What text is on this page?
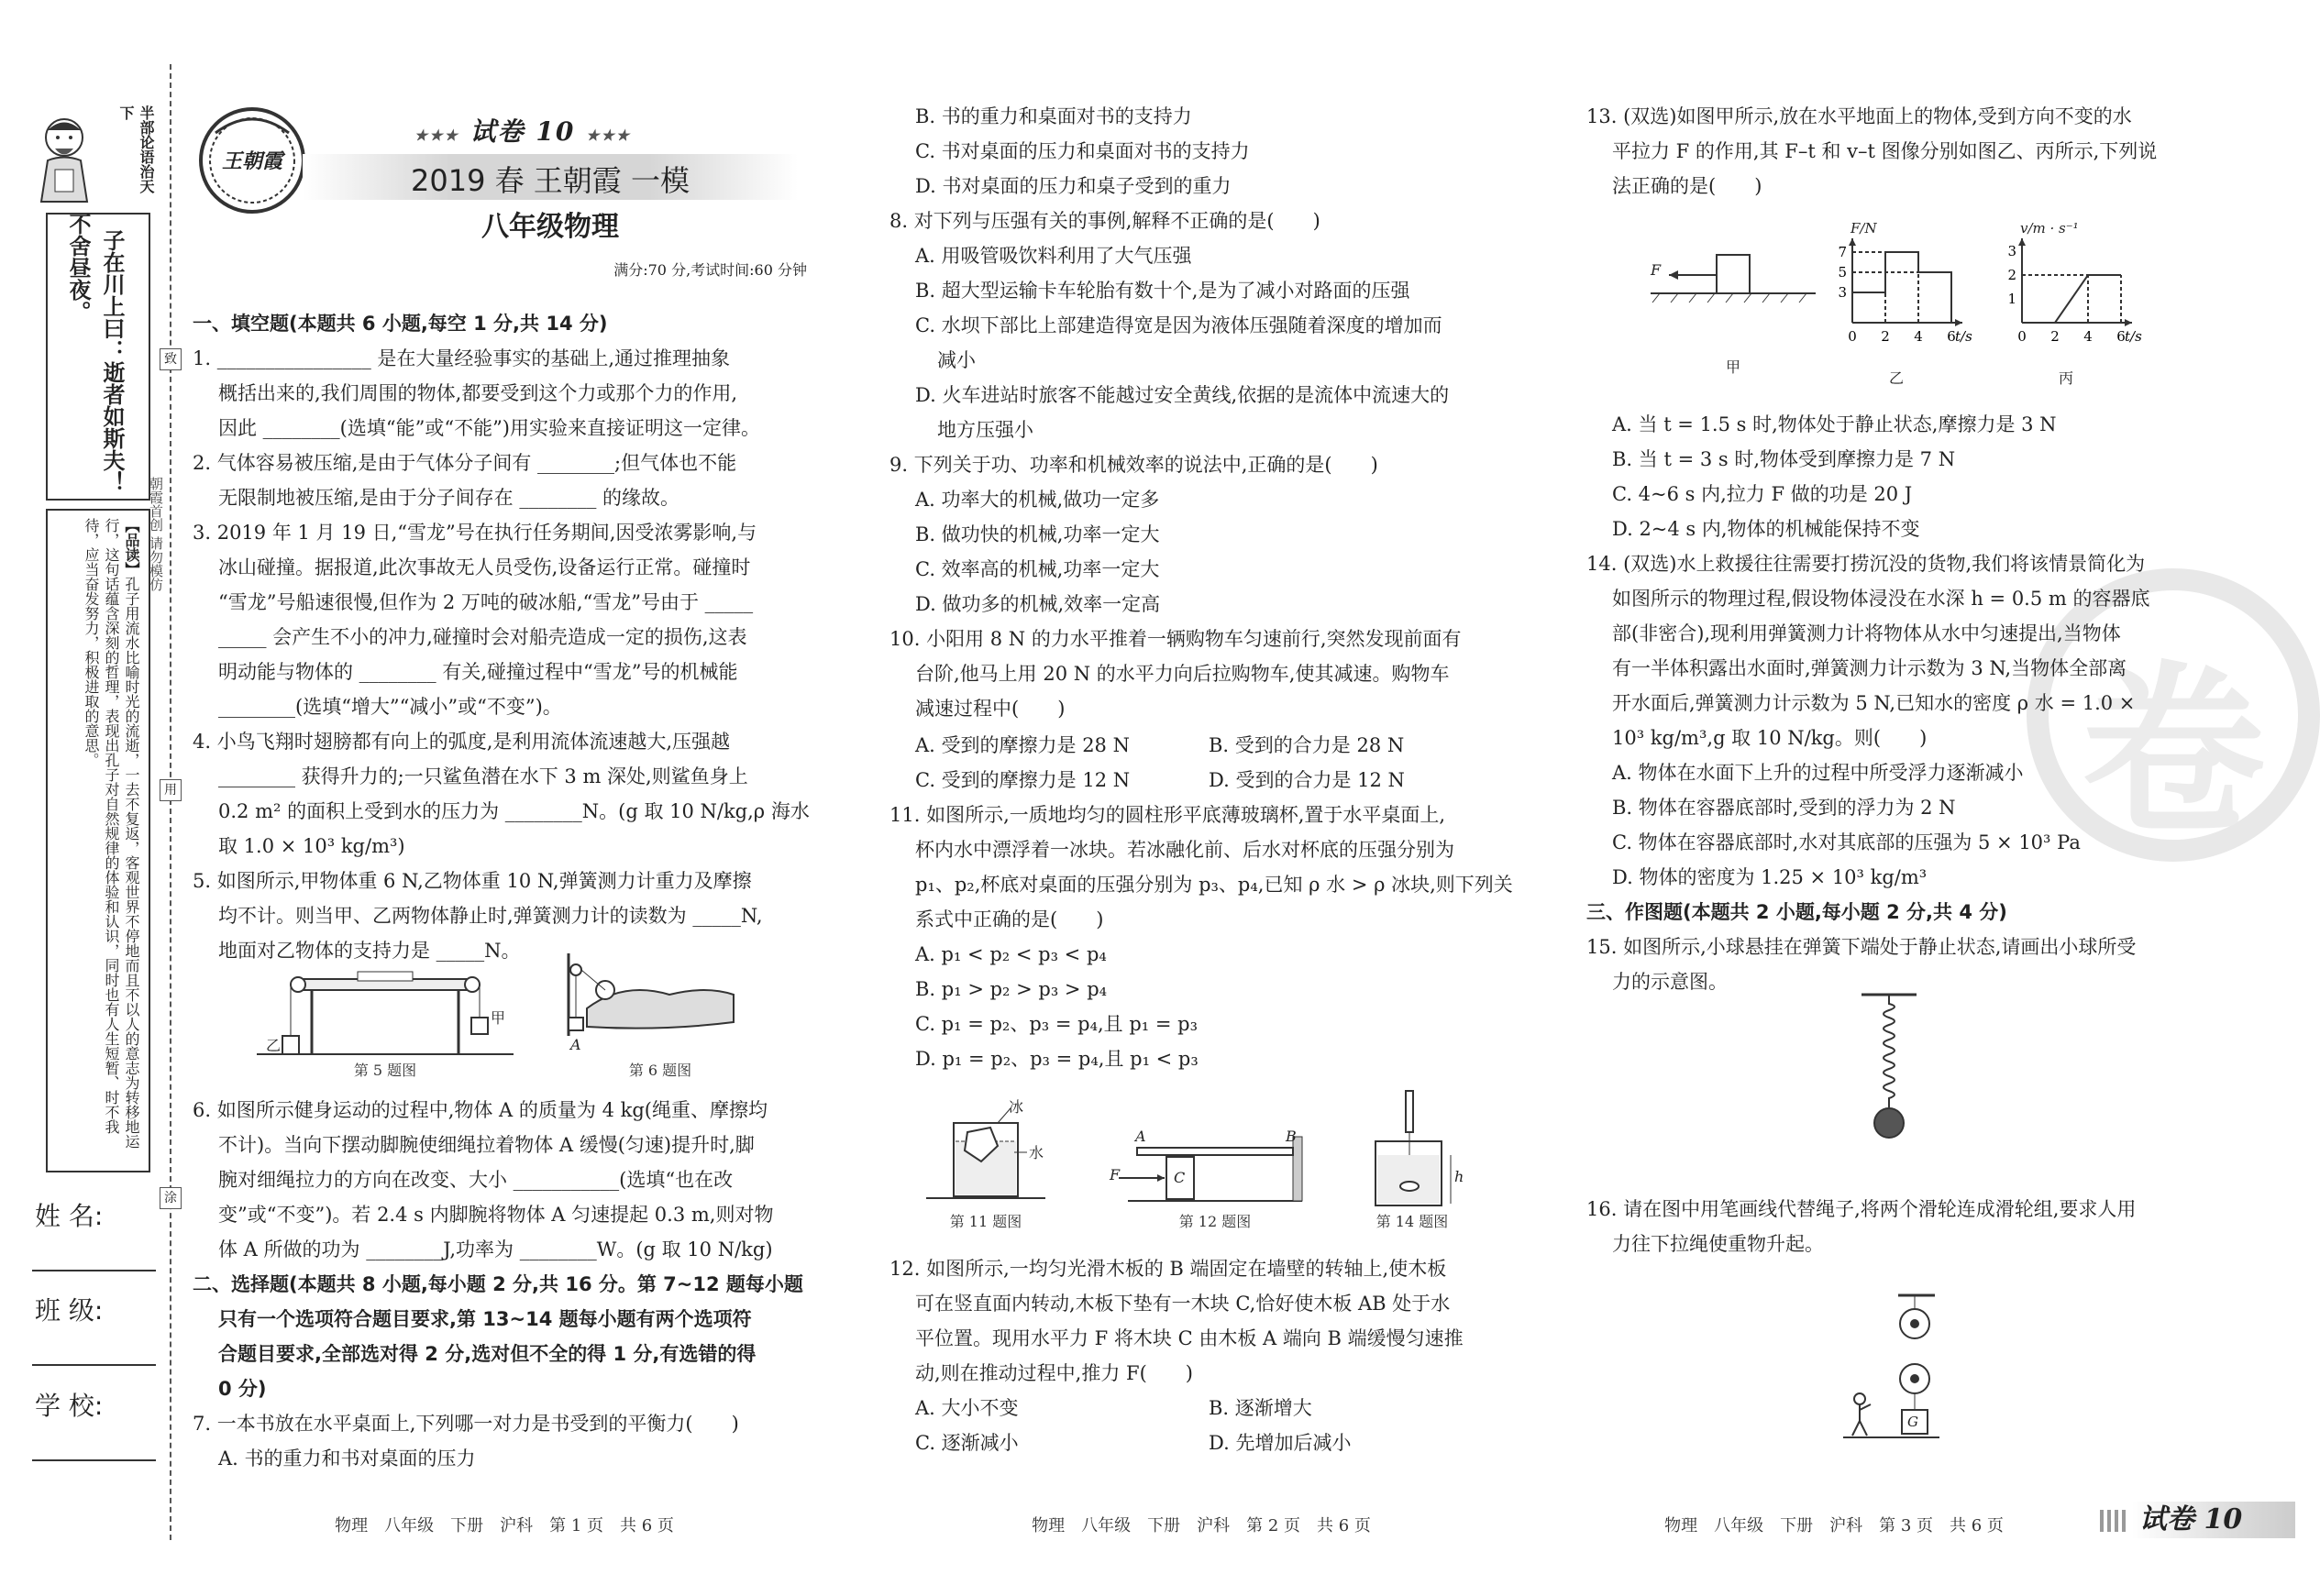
半部论语治天下
子在川上曰：逝者如斯夫！
不舍昼夜。
【品读】孔子用流水比喻时光的流逝，一去不复返，客观世界不停地而且不以人的意志为转移地运行，这句话蕴含深刻的哲理，表现出孔子对自然规律的体验和认识，同时也有人生短暂、时不我待，应当奋发努力，积极进取的意思。
姓 名:
班 级:
学 校:
朝霞首创 请勿模仿
致
用
涂
王朝霞
★★★ 试卷 10 ★★★
2019 春 王朝霞 一模
八年级物理
满分:70 分,考试时间:60 分钟
一、填空题(本题共 6 小题,每空 1 分,共 14 分)
1. ________________ 是在大量经验事实的基础上,通过推理抽象
概括出来的,我们周围的物体,都要受到这个力或那个力的作用,
因此 ________(选填“能”或“不能”)用实验来直接证明这一定律。
2. 气体容易被压缩,是由于气体分子间有 ________;但气体也不能
无限制地被压缩,是由于分子间存在 ________ 的缘故。
3. 2019 年 1 月 19 日,“雪龙”号在执行任务期间,因受浓雾影响,与
冰山碰撞。据报道,此次事故无人员受伤,设备运行正常。碰撞时
“雪龙”号船速很慢,但作为 2 万吨的破冰船,“雪龙”号由于 _____
_____ 会产生不小的冲力,碰撞时会对船壳造成一定的损伤,这表
明动能与物体的 ________ 有关,碰撞过程中“雪龙”号的机械能
________(选填“增大”“减小”或“不变”)。
4. 小鸟飞翔时翅膀都有向上的弧度,是利用流体流速越大,压强越
________ 获得升力的;一只鲨鱼潜在水下 3 m 深处,则鲨鱼身上
0.2 m² 的面积上受到水的压力为 ________N。(g 取 10 N/kg,ρ 海水
取 1.0 × 10³ kg/m³)
5. 如图所示,甲物体重 6 N,乙物体重 10 N,弹簧测力计重力及摩擦
均不计。则当甲、乙两物体静止时,弹簧测力计的读数为 _____N,
地面对乙物体的支持力是 _____N。
乙
甲
第 5 题图
A
第 6 题图
6. 如图所示健身运动的过程中,物体 A 的质量为 4 kg(绳重、摩擦均
不计)。当向下摆动脚腕使细绳拉着物体 A 缓慢(匀速)提升时,脚
腕对细绳拉力的方向在改变、大小 ___________(选填“也在改
变”或“不变”)。若 2.4 s 内脚腕将物体 A 匀速提起 0.3 m,则对物
体 A 所做的功为 ________J,功率为 ________W。(g 取 10 N/kg)
二、选择题(本题共 8 小题,每小题 2 分,共 16 分。第 7~12 题每小题
只有一个选项符合题目要求,第 13~14 题每小题有两个选项符
合题目要求,全部选对得 2 分,选对但不全的得 1 分,有选错的得
0 分)
7. 一本书放在水平桌面上,下列哪一对力是书受到的平衡力(　　)
A. 书的重力和书对桌面的压力
B. 书的重力和桌面对书的支持力
C. 书对桌面的压力和桌面对书的支持力
D. 书对桌面的压力和桌子受到的重力
8. 对下列与压强有关的事例,解释不正确的是(　　)
A. 用吸管吸饮料利用了大气压强
B. 超大型运输卡车轮胎有数十个,是为了减小对路面的压强
C. 水坝下部比上部建造得宽是因为液体压强随着深度的增加而
减小
D. 火车进站时旅客不能越过安全黄线,依据的是流体中流速大的
地方压强小
9. 下列关于功、功率和机械效率的说法中,正确的是(　　)
A. 功率大的机械,做功一定多
B. 做功快的机械,功率一定大
C. 效率高的机械,功率一定大
D. 做功多的机械,效率一定高
10. 小阳用 8 N 的力水平推着一辆购物车匀速前行,突然发现前面有
台阶,他马上用 20 N 的水平力向后拉购物车,使其减速。购物车
减速过程中(　　)
A. 受到的摩擦力是 28 N	B. 受到的合力是 28 N
C. 受到的摩擦力是 12 N	D. 受到的合力是 12 N
11. 如图所示,一质地均匀的圆柱形平底薄玻璃杯,置于水平桌面上,
杯内水中漂浮着一冰块。若冰融化前、后水对杯底的压强分别为
p₁、p₂,杯底对桌面的压强分别为 p₃、p₄,已知 ρ 水 > ρ 冰块,则下列关
系式中正确的是(　　)
A. p₁ < p₂ < p₃ < p₄
B. p₁ > p₂ > p₃ > p₄
C. p₁ = p₂、p₃ = p₄,且 p₁ = p₃
D. p₁ = p₂、p₃ = p₄,且 p₁ < p₃
冰
水
第 11 题图
A	B
F	C
第 12 题图
h
第 14 题图
12. 如图所示,一均匀光滑木板的 B 端固定在墙壁的转轴上,使木板
可在竖直面内转动,木板下垫有一木块 C,恰好使木板 AB 处于水
平位置。现用水平力 F 将木块 C 由木板 A 端向 B 端缓慢匀速推
动,则在推动过程中,推力 F(　　)
A. 大小不变	B. 逐渐增大
C. 逐渐减小	D. 先增加后减小
卷
13. (双选)如图甲所示,放在水平地面上的物体,受到方向不变的水
平拉力 F 的作用,其 F–t 和 v–t 图像分别如图乙、丙所示,下列说
法正确的是(　　)
F
甲
0 2 4 6 t/s
7
5
3
F/N
乙
0 2 4 6 t/s
3
2
1
v/m · s⁻¹
丙
A. 当 t = 1.5 s 时,物体处于静止状态,摩擦力是 3 N
B. 当 t = 3 s 时,物体受到摩擦力是 7 N
C. 4~6 s 内,拉力 F 做的功是 20 J
D. 2~4 s 内,物体的机械能保持不变
14. (双选)水上救援往往需要打捞沉没的货物,我们将该情景简化为
如图所示的物理过程,假设物体浸没在水深 h = 0.5 m 的容器底
部(非密合),现利用弹簧测力计将物体从水中匀速提出,当物体
有一半体积露出水面时,弹簧测力计示数为 3 N,当物体全部离
开水面后,弹簧测力计示数为 5 N,已知水的密度 ρ 水 = 1.0 ×
10³ kg/m³,g 取 10 N/kg。则(　　)
A. 物体在水面下上升的过程中所受浮力逐渐减小
B. 物体在容器底部时,受到的浮力为 2 N
C. 物体在容器底部时,水对其底部的压强为 5 × 10³ Pa
D. 物体的密度为 1.25 × 10³ kg/m³
三、作图题(本题共 2 小题,每小题 2 分,共 4 分)
15. 如图所示,小球悬挂在弹簧下端处于静止状态,请画出小球所受
力的示意图。
16. 请在图中用笔画线代替绳子,将两个滑轮连成滑轮组,要求人用
力往下拉绳使重物升起。
G
物理　八年级　下册　沪科　第 1 页　共 6 页	物理　八年级　下册　沪科　第 2 页　共 6 页	物理　八年级　下册　沪科　第 3 页　共 6 页	试卷 10
